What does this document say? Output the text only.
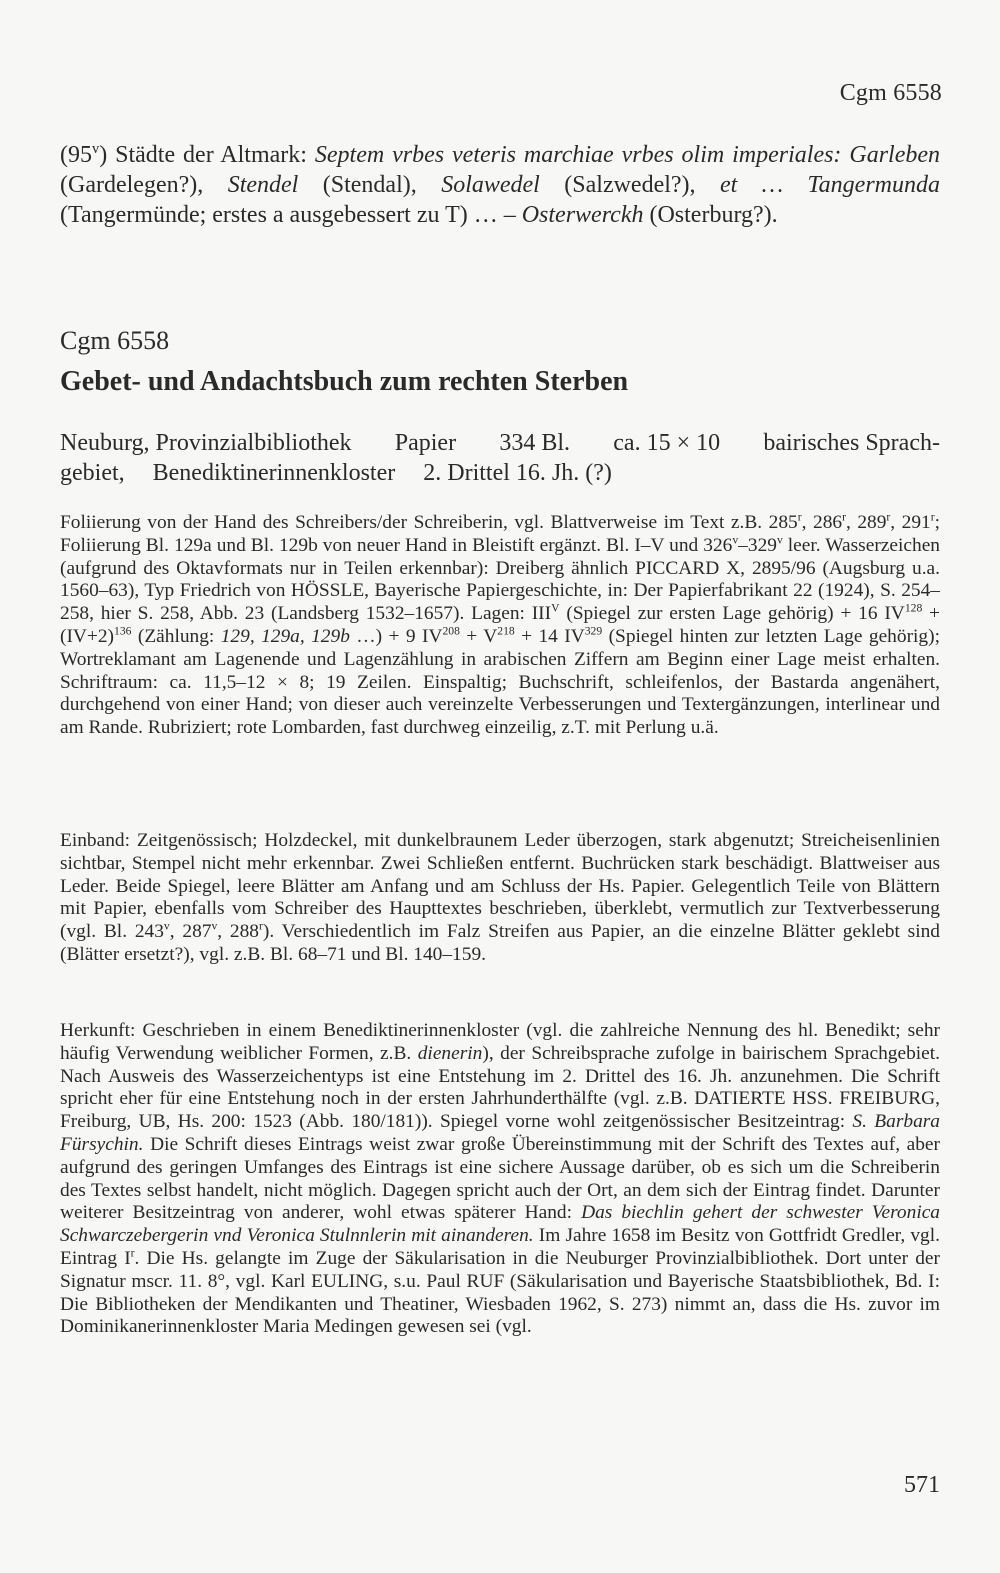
Cgm 6558
(95$^v$) Städte der Altmark: Septem vrbes veteris marchiae vrbes olim imperiales: Garleben (Gardelegen?), Stendel (Stendal), Solawedel (Salzwedel?), et … Tangermunda (Tangermünde; erstes a ausgebessert zu T) … – Osterwerckh (Osterburg?).
Cgm 6558
Gebet- und Andachtsbuch zum rechten Sterben
Neuburg, Provinzialbibliothek Papier 334 Bl. ca. 15 × 10 bairisches Sprach-
gebiet, Benediktinerinnenkloster 2. Drittel 16. Jh. (?)
Foliierung von der Hand des Schreibers/der Schreiberin, vgl. Blattverweise im Text z.B. 285$^r$, 286$^r$, 289$^r$, 291$^r$; Foliierung Bl. 129a und Bl. 129b von neuer Hand in Bleistift ergänzt. Bl. I–V und 326$^v$–329$^v$ leer. Wasserzeichen (aufgrund des Oktavformats nur in Teilen erkennbar): Dreiberg ähnlich PICCARD X, 2895/96 (Augsburg u.a. 1560–63), Typ Friedrich von HÖSSLE, Bayerische Papiergeschichte, in: Der Papierfabrikant 22 (1924), S. 254–258, hier S. 258, Abb. 23 (Landsberg 1532–1657). Lagen: $III^V$ (Spiegel zur ersten Lage gehörig) + 16 $IV^{128} + (IV+2)^{136}$ (Zählung: 129, 129a, 129b …) + 9 $IV^{208} + V^{218} + 14$ IV$^{329}$ (Spiegel hinten zur letzten Lage gehörig); Wortreklamant am Lagenende und Lagenzählung in arabischen Ziffern am Beginn einer Lage meist erhalten. Schriftraum: ca. 11,5–12 × 8; 19 Zeilen. Einspaltig; Buchschrift, schleifenlos, der Bastarda angenähert, durchgehend von einer Hand; von dieser auch vereinzelte Verbesserungen und Textergänzungen, interlinear und am Rande. Rubriziert; rote Lombarden, fast durchweg einzeilig, z.T. mit Perlung u.ä.
Einband: Zeitgenössisch; Holzdeckel, mit dunkelbraunem Leder überzogen, stark abgenutzt; Streicheisenlinien sichtbar, Stempel nicht mehr erkennbar. Zwei Schließen entfernt. Buchrücken stark beschädigt. Blattweiser aus Leder. Beide Spiegel, leere Blätter am Anfang und am Schluss der Hs. Papier. Gelegentlich Teile von Blättern mit Papier, ebenfalls vom Schreiber des Haupttextes beschrieben, überklebt, vermutlich zur Textverbesserung (vgl. Bl. 243$^v$, 287$^v$, 288$^r$). Verschiedentlich im Falz Streifen aus Papier, an die einzelne Blätter geklebt sind (Blätter ersetzt?), vgl. z.B. Bl. 68–71 und Bl. 140–159.
Herkunft: Geschrieben in einem Benediktinerinnenkloster (vgl. die zahlreiche Nennung des hl. Benedikt; sehr häufig Verwendung weiblicher Formen, z.B. dienerin), der Schreibsprache zufolge in bairischem Sprachgebiet. Nach Ausweis des Wasserzeichentyps ist eine Entstehung im 2. Drittel des 16. Jh. anzunehmen. Die Schrift spricht eher für eine Entstehung noch in der ersten Jahrhunderthälfte (vgl. z.B. DATIERTE HSS. FREIBURG, Freiburg, UB, Hs. 200: 1523 (Abb. 180/181)). Spiegel vorne wohl zeitgenössischer Besitzeintrag: S. Barbara Fürsychin. Die Schrift dieses Eintrags weist zwar große Übereinstimmung mit der Schrift des Textes auf, aber aufgrund des geringen Umfanges des Eintrags ist eine sichere Aussage darüber, ob es sich um die Schreiberin des Textes selbst handelt, nicht möglich. Dagegen spricht auch der Ort, an dem sich der Eintrag findet. Darunter weiterer Besitzeintrag von anderer, wohl etwas späterer Hand: Das biechlin gehert der schwester Veronica Schwarczebergerin vnd Veronica Stulnnlerin mit ainanderen. Im Jahre 1658 im Besitz von Gottfridt Gredler, vgl. Eintrag $I^r$. Die Hs. gelangte im Zuge der Säkularisation in die Neuburger Provinzialbibliothek. Dort unter der Signatur mscr. 11. 8°, vgl. Karl EULING, s.u. Paul RUF (Säkularisation und Bayerische Staatsbibliothek, Bd. I: Die Bibliotheken der Mendikanten und Theatiner, Wiesbaden 1962, S. 273) nimmt an, dass die Hs. zuvor im Dominikanerinnenkloster Maria Medingen gewesen sei (vgl.
571
